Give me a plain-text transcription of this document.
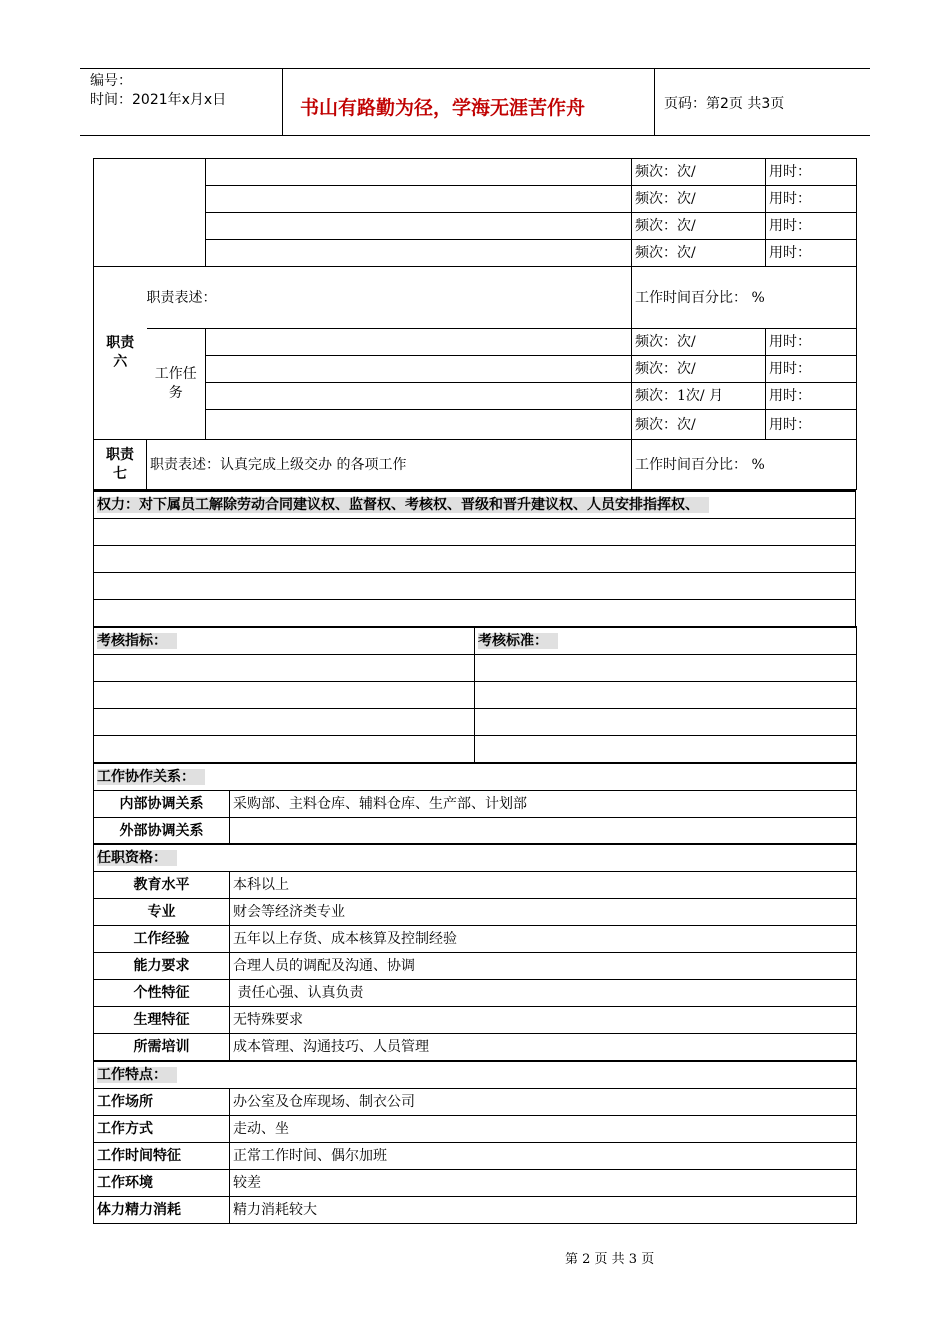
编号：
时间：2021年x月x日	书山有路勤为径，学海无涯苦作舟	页码：第2页 共3页
			频次：次/	用时：
			频次：次/	用时：
			频次：次/	用时：
			频次：次/	用时：
职责六	职责表述：		工作时间百分比： %	
	工作任务		频次：次/	用时：
			频次：次/	用时：
			频次：1次/ 月	用时：
			频次：次/	用时：
职责七	职责表述：认真完成上级交办 的各项工作		工作时间百分比： %	
权力：对下属员工解除劳动合同建议权、监督权、考核权、晋级和晋升建议权、人员安排指挥权、

考核指标：	考核标准：

工作协作关系：	
内部协调关系	采购部、主料仓库、辅料仓库、生产部、计划部
外部协调关系	
任职资格：	
教育水平	本科以上
专业	财会等经济类专业
工作经验	五年以上存货、成本核算及控制经验
能力要求	合理人员的调配及沟通、协调
个性特征	责任心强、认真负责
生理特征	无特殊要求
所需培训	成本管理、沟通技巧、人员管理
工作特点：	
工作场所	办公室及仓库现场、制衣公司
工作方式	走动、坐
工作时间特征	正常工作时间、偶尔加班
工作环境	较差
体力精力消耗	精力消耗较大
第 2 页 共 3 页
